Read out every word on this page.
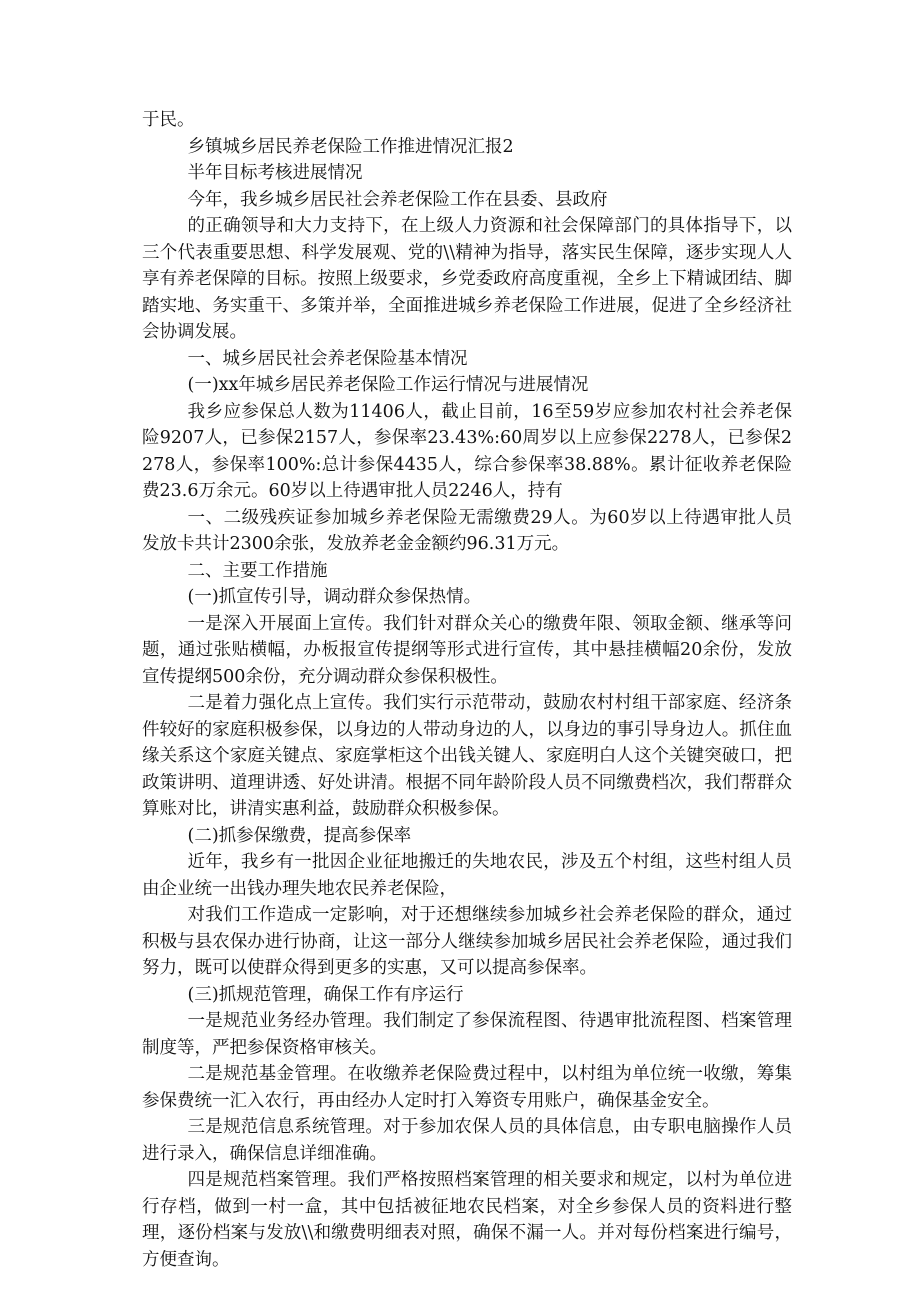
于民。

乡镇城乡居民养老保险工作推进情况汇报2

半年目标考核进展情况

今年，我乡城乡居民社会养老保险工作在县委、县政府

的正确领导和大力支持下，在上级人力资源和社会保障部门的具体指导下，以三个代表重要思想、科学发展观、党的\\精神为指导，落实民生保障，逐步实现人人享有养老保障的目标。按照上级要求，乡党委政府高度重视，全乡上下精诚团结、脚踏实地、务实重干、多策并举，全面推进城乡养老保险工作进展，促进了全乡经济社会协调发展。

一、城乡居民社会养老保险基本情况

(一)xx年城乡居民养老保险工作运行情况与进展情况

我乡应参保总人数为11406人，截止目前，16至59岁应参加农村社会养老保险9207人，已参保2157人，参保率23.43%:60周岁以上应参保2278人，已参保2278人，参保率100%:总计参保4435人，综合参保率38.88%。累计征收养老保险费23.6万余元。60岁以上待遇审批人员2246人，持有

一、二级残疾证参加城乡养老保险无需缴费29人。为60岁以上待遇审批人员发放卡共计2300余张，发放养老金金额约96.31万元。

二、主要工作措施

(一)抓宣传引导，调动群众参保热情。

一是深入开展面上宣传。我们针对群众关心的缴费年限、领取金额、继承等问题，通过张贴横幅，办板报宣传提纲等形式进行宣传，其中悬挂横幅20余份，发放宣传提纲500余份，充分调动群众参保积极性。

二是着力强化点上宣传。我们实行示范带动，鼓励农村村组干部家庭、经济条件较好的家庭积极参保，以身边的人带动身边的人，以身边的事引导身边人。抓住血缘关系这个家庭关键点、家庭掌柜这个出钱关键人、家庭明白人这个关键突破口，把政策讲明、道理讲透、好处讲清。根据不同年龄阶段人员不同缴费档次，我们帮群众算账对比，讲清实惠利益，鼓励群众积极参保。

(二)抓参保缴费，提高参保率

近年，我乡有一批因企业征地搬迁的失地农民，涉及五个村组，这些村组人员由企业统一出钱办理失地农民养老保险，

对我们工作造成一定影响，对于还想继续参加城乡社会养老保险的群众，通过积极与县农保办进行协商，让这一部分人继续参加城乡居民社会养老保险，通过我们努力，既可以使群众得到更多的实惠，又可以提高参保率。

(三)抓规范管理，确保工作有序运行

一是规范业务经办管理。我们制定了参保流程图、待遇审批流程图、档案管理制度等，严把参保资格审核关。

二是规范基金管理。在收缴养老保险费过程中，以村组为单位统一收缴，筹集参保费统一汇入农行，再由经办人定时打入筹资专用账户，确保基金安全。

三是规范信息系统管理。对于参加农保人员的具体信息，由专职电脑操作人员进行录入，确保信息详细准确。

四是规范档案管理。我们严格按照档案管理的相关要求和规定，以村为单位进行存档，做到一村一盒，其中包括被征地农民档案，对全乡参保人员的资料进行整理，逐份档案与发放\\和缴费明细表对照，确保不漏一人。并对每份档案进行编号，方便查询。
